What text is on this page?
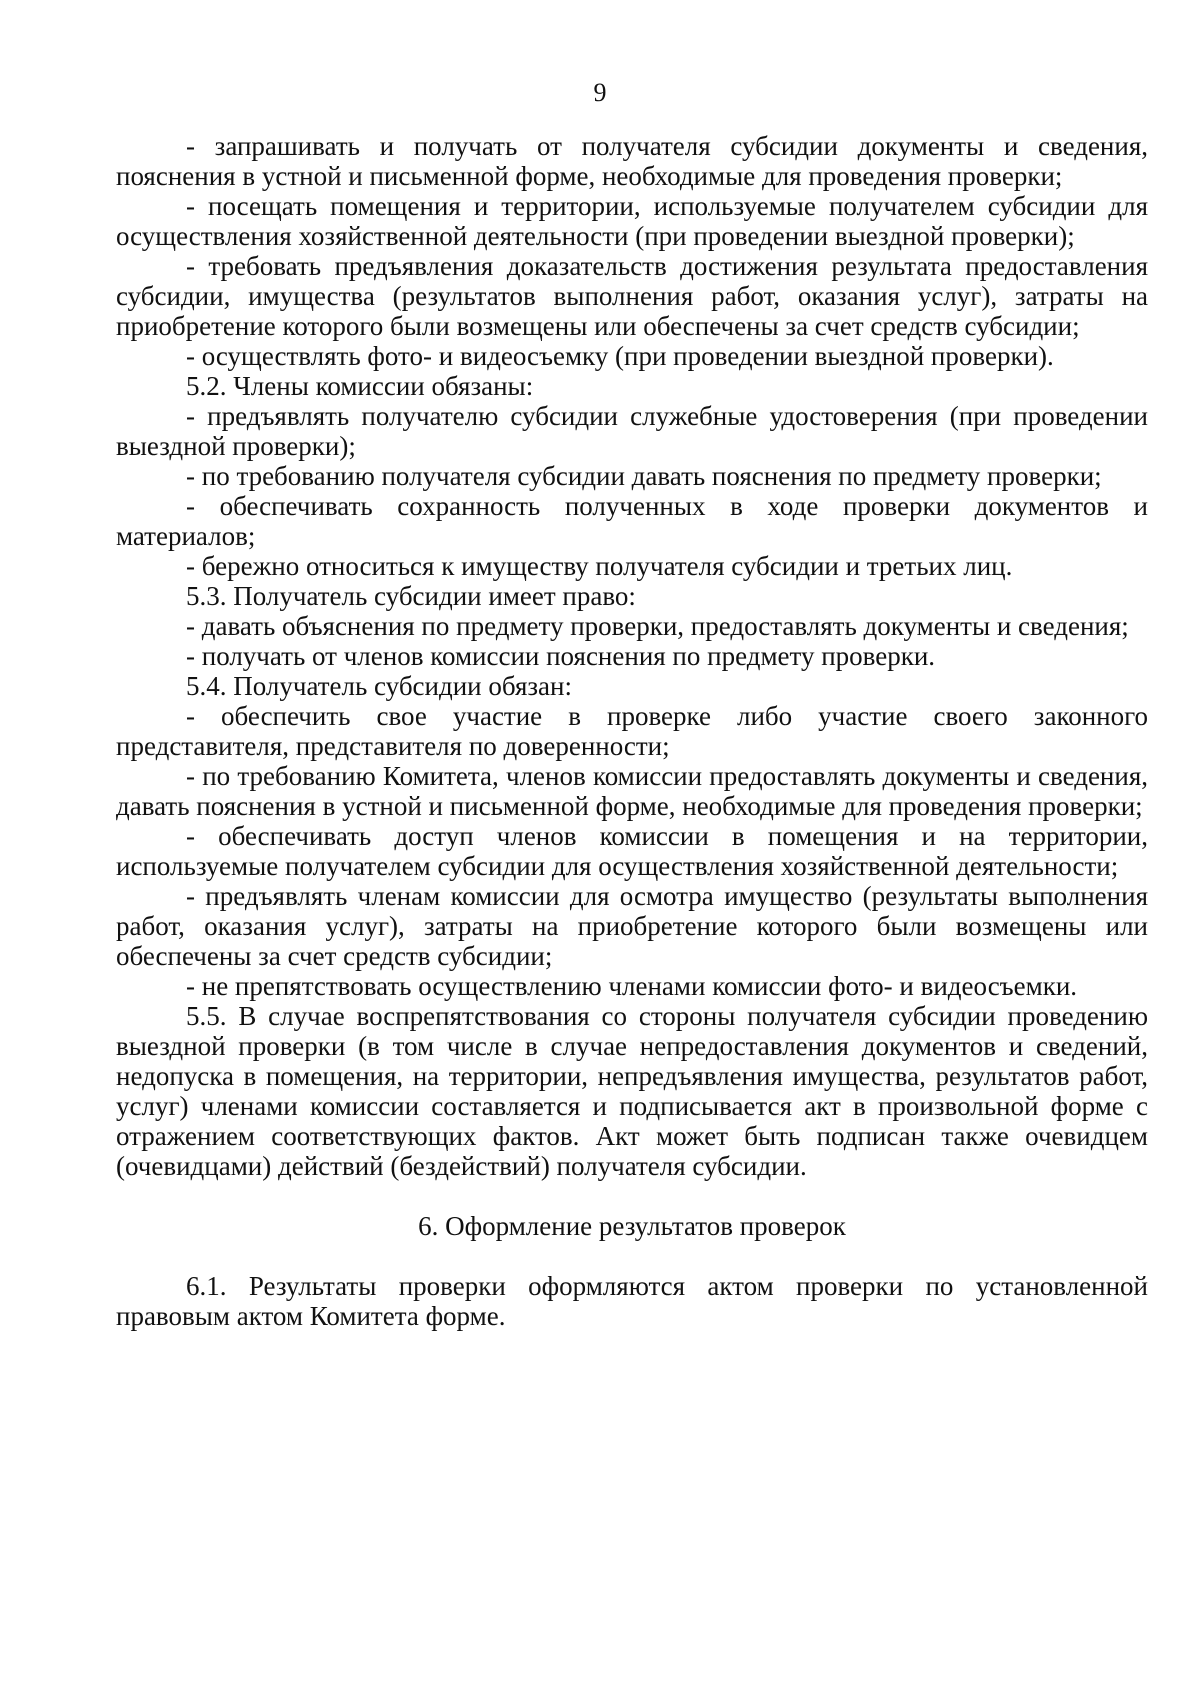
9

- запрашивать и получать от получателя субсидии документы и сведения, пояснения в устной и письменной форме, необходимые для проведения проверки;

- посещать помещения и территории, используемые получателем субсидии для осуществления хозяйственной деятельности (при проведении выездной проверки);

- требовать предъявления доказательств достижения результата предоставления субсидии, имущества (результатов выполнения работ, оказания услуг), затраты на приобретение которого были возмещены или обеспечены за счет средств субсидии;

- осуществлять фото- и видеосъемку (при проведении выездной проверки).

5.2. Члены комиссии обязаны:

- предъявлять получателю субсидии служебные удостоверения (при проведении выездной проверки);

- по требованию получателя субсидии давать пояснения по предмету проверки;

- обеспечивать сохранность полученных в ходе проверки документов и материалов;

- бережно относиться к имуществу получателя субсидии и третьих лиц.

5.3. Получатель субсидии имеет право:

- давать объяснения по предмету проверки, предоставлять документы и сведения;

- получать от членов комиссии пояснения по предмету проверки.

5.4. Получатель субсидии обязан:

- обеспечить свое участие в проверке либо участие своего законного представителя, представителя по доверенности;

- по требованию Комитета, членов комиссии предоставлять документы и сведения, давать пояснения в устной и письменной форме, необходимые для проведения проверки;

- обеспечивать доступ членов комиссии в помещения и на территории, используемые получателем субсидии для осуществления хозяйственной деятельности;

- предъявлять членам комиссии для осмотра имущество (результаты выполнения работ, оказания услуг), затраты на приобретение которого были возмещены или обеспечены за счет средств субсидии;

- не препятствовать осуществлению членами комиссии фото- и видеосъемки.

5.5. В случае воспрепятствования со стороны получателя субсидии проведению выездной проверки (в том числе в случае непредоставления документов и сведений, недопуска в помещения, на территории, непредъявления имущества, результатов работ, услуг) членами комиссии составляется и подписывается акт в произвольной форме с отражением соответствующих фактов. Акт может быть подписан также очевидцем (очевидцами) действий (бездействий) получателя субсидии.

6. Оформление результатов проверок

6.1. Результаты проверки оформляются актом проверки по установленной правовым актом Комитета форме.
